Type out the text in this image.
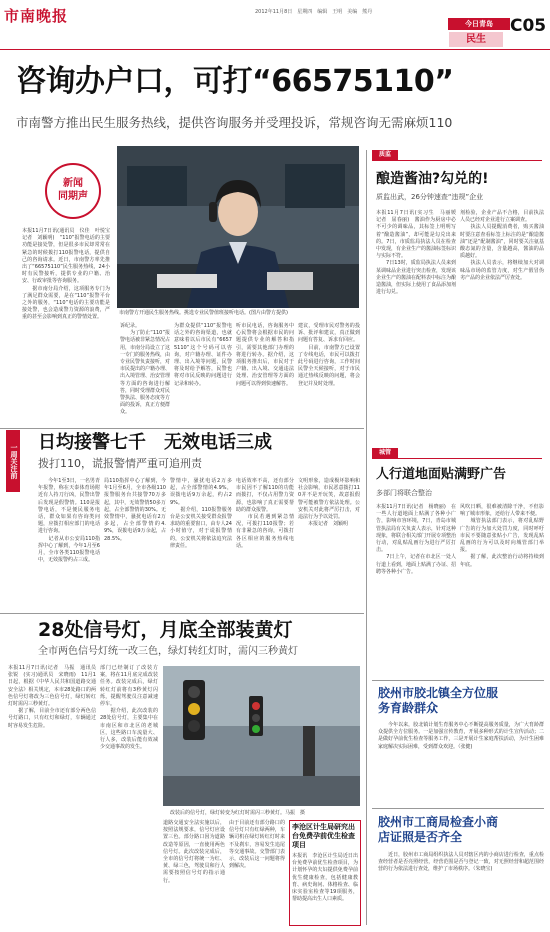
市南晚报	2012年11月8日　星期四　编辑　王明　美编　熊丹
今日青岛
民生
C05
咨询办户口，可打“66575110”
市南警方推出民生服务热线，提供咨询服务并受理投诉，常规咨询无需麻烦110
新闻
同期声
本报11月7日讯(通讯员　仪佳　叶悦宝　记者　刘颖明)　“110”报警电话的主要功能是接处警，但是很多市民却常常在紧急的时候拨打110报警电话，提供自己的咨询请求。近日，市南警方率先推出了“66575110”民生服务热线，24小时有民警接听，提供专业的户籍、治安、行政审批等咨询服务。
　　据市南分局介绍，这项服务专门为了满足群众需要，是在“110”报警平台之外的服务，“110”电话的主要功能是接处警，也会造成警力资源的浪费，严重的甚至会影响到真正的警情处置。
市南警方开通民生服务热线。挑选专业民警值班接听电话。(图片由警方提供)
诉纪录。
　　为了防止“110”报警电话被非紧急情况占用，市南分局设立了这一专门的服务热线，由专业民警负责接听，对市民提出的户籍办理、出入境管理、治安管理等方面的咨询进行解答，同时受理群众对民警执法、服务态度等方面的投诉，真正方便群众。
为群众提供“110”报警电话之外的咨询渠道，也就意味着以后市民有“66575110”这个号码可以咨询，对户籍办理、证件办理、出入境等问题，民警将及时给予解答，民警也将对市民反映的问题进行记录和转办。
听市民电话，咨询服务中心民警将会根据市民的问题提供专业的解答和指引，需要其他部门办理的将进行转办。据介绍，这项服务推出后，市民对于户籍、出入境、交通违法处理、治安管理等方面的问题可以得到快速解答。
建议，受理市民对警务的投诉、批评和建议，真正做到问题有答复、诉求有回应。
　　目前，市南警方已设置了专线电话，市民可以拨打此号码进行咨询，工作时间民警全天候接听，对于市民通过热线反映的问题，将会登记并及时处理。
一周关注前
日均接警七千　无效电话三成
拨打110，谎报警情严重可追刑责
　　今年1至3日，一名男青年报警，称在天泰体育场附近有人持刀行凶，民警出警后发现是假警情。110是报警电话，不是便民服务电话，群众如果有咨询类问题，应拨打相应部门的电话进行咨询。
　　记者从市公安局110指挥中心了解到，今年1月至6月，全市各类110报警电话中，无效报警约占三成。
局110指挥中心了解到，今年1月至6月，全市各级110报警服务台共接警70万多起，其中，无效警情50多万起，占全部警情的30%。无效警情中，骚扰电话有2万多起，占全部警情的4.9%，误拨电话9万余起，占28.5%。
警情中，骚扰电话2万多起，占全部警情的4.9%，误拨电话9万余起，约占29%。
　　据介绍，110报警服务台是公安机关接受群众报警求助的重要窗口，由专人24小时值守，对于谎报警情的，公安机关将依法追究法律责任。
电话效率不高，还有部分市民因不了解110的功能而拨打，不仅占用警力资源，也影响了真正需要帮助的群众报警。
　　市民若遇到紧急情况，可拨打110报警；若有非紧急的咨询，可拨打各区相应的服务热线电话。
文明形象，造成极坏影响和社会影响，市民恶意拨打110并不是开玩笑，故意报假警可能被警方依法处理。公安机关对此将严厉打击，对违法行为予以处罚。
　　本报记者　刘颖明
28处信号灯，月底全部装黄灯
全市两色信号灯统一改三色，绿灯转红灯时，需闪三秒黄灯
本报11月7日讯(记者　马振　通讯员　张锐　(实习)通讯员　宋晓雨)　11月1日起，根据《中华人民共和国道路交通安全法》相关规定，本市28处路口的两色信号灯将改为三色信号灯，绿灯转红灯时需闪三秒黄灯。
　　据了解，目前全市还有部分两色信号灯路口，只有红灯和绿灯，车辆通过时容易发生危险。
部门已经制订了改装方案，将在11月底完成改装任务。改装完成后，绿灯转红灯前将有3秒黄灯闪烁，提醒驾驶员注意减速停车。
　　据介绍，此次改装的28处信号灯，主要集中在市南区和市北区的老城区，这些路口车流量大、行人多，改装后能有效减少交通事故的发生。
改装后的信号灯，绿灯转变为红灯时需闪三秒黄灯。马振　摄
道路交通安全法实施以后，按照法规要求，信号灯应设置三色。部分路口因为道路改造等原因，一直使用两色信号灯。此次改装完成后，全市的信号灯将统一为红、黄、绿三色，驾驶员和行人需要按照信号灯的指示通行。
由于目前还有部分路口的信号灯只有红绿两种，车辆司机在绿灯转红灯时来不及刹车，容易发生追尾等交通事故。交警部门表示，改装后这一问题将得到解决。
李沧区计生局研究出台免费孕前优生检查项目
本报讯　李沧区计生局近日出台免费孕前优生检查项目，为计划怀孕的夫妇提供免费孕前优生健康检查，包括健康教育、病史询问、体格检查、临床实验室检查等19项服务，帮助提高出生人口素质。
质监
酿造酱油?勾兑的!
质监出武，26分钟速查“违规”企业
本报11月7日讯(实习生　马丽媛　记者　屈春丽)　酱油作为厨房中必不可少的调味品，其标签上明明写着“酿造酱油”，却可能是勾兑出来的。7日，市质监局执法人员在检查中发现，有企业生产的酱油标签标识与实际不符。
　　7日13时，质监局执法人员来到某调味品企业进行突击检查，发现该企业生产的酱油在配料表中标注为酿造酱油，但实际上使用了食品添加剂进行勾兑。
剂检验，企业产品不合格，目前执法人员已经对企业进行立案调查。
　　执法人员提醒消费者，购买酱油时要注意查看标签上标注的是“酿造酱油”还是“配制酱油”，同时要关注氨基酸态氮的含量，含量越高，酱油的品质越好。
　　执法人员表示，将继续加大对调味品市场的监管力度，对生产假冒伪劣产品的企业依法严厉查处。
城管
人行道地面贴满野广告
多部门将联合整治
本报11月7日讯(记者　杨晓丽)　在一些人行道地面上贴满了各种小广告，影响市容环境，7日，青岛市城管执法局有关负责人表示，针对这种现象，将联合相关部门开展专项整治行动，对乱贴乱画行为进行严厉打击。
　　7日上午，记者在市北区一处人行道上看到，地面上贴满了办证、招聘等各种小广告。
风吹日晒，很难被清除干净，不但影响了城市形象，还给行人带来不便。
　　城管执法部门表示，将对乱贴野广告的行为加大处罚力度，同时呼吁市民不要随意张贴小广告，发现乱贴乱画的行为可以及时向城管部门举报。
　　据了解，此次整治行动将持续到年底。
胶州市胶北镇全方位服务育龄群众
　　今年以来，胶北镇计划生育服务中心不断提高服务质量，为广大育龄群众提供全方位服务。一是加强宣传教育，开展多种形式的计生宣传活动；二是做好孕前优生检查等服务工作，三是开展计生家庭帮扶活动，为计生困难家庭解决实际困难，受到群众欢迎。（张健)
胶州市工商局检查小商店证照是否齐全
　　近日，胶州市工商局组织执法人员对辖区内的小商店进行检查，重点检查经营者是否亮照经营，经营范围是否与登记一致，对无照经营和超范围经营的行为依法进行查处，维护了市场秩序。（朱晓宝)
